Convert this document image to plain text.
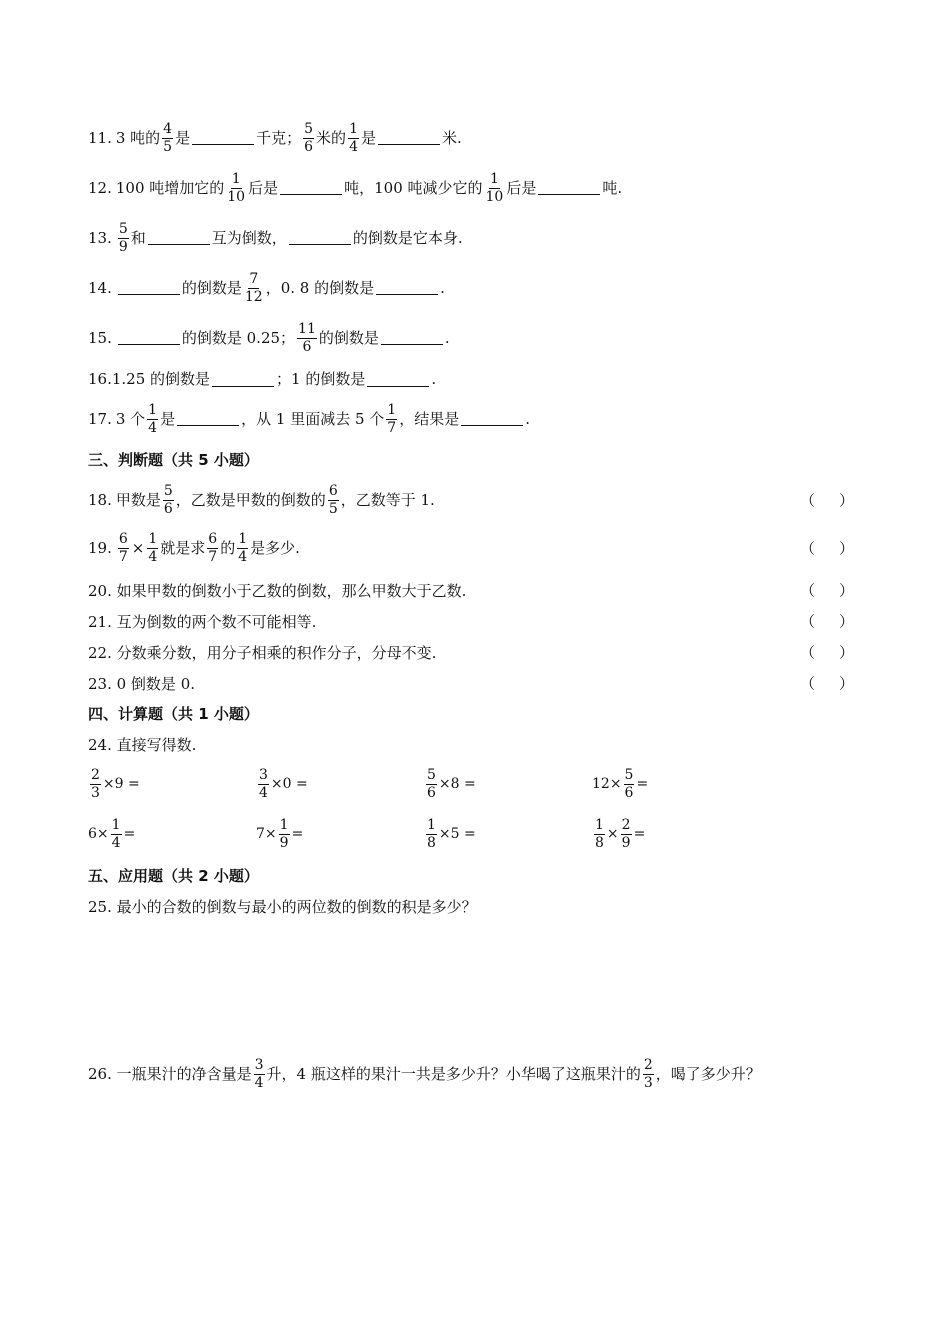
11. 3 吨的 $\frac{4}{5}$ 是	千克； $\frac{5}{6}$ 米的 $\frac{1}{4}$ 是	米.
12. 100 吨增加它的 $\frac{1}{10}$ 后是	吨，100 吨减少它的 $\frac{1}{10}$ 后是	吨.
13. $\frac{5}{9}$ 和	互为倒数，	的倒数是它本身.
14.	的倒数是 $\frac{7}{12}$ ，0. 8 的倒数是	.
15.	的倒数是 0.25； $\frac{11}{6}$ 的倒数是	.
16. 1.25 的倒数是	；1 的倒数是	.
17. 3 个 $\frac{1}{4}$ 是	，从 1 里面减去 5 个 $\frac{1}{7}$ ，结果是	.
三、判断题（共 5 小题）
18. 甲数是 $\frac{5}{6}$ ，乙数是甲数的倒数的 $\frac{6}{5}$ ，乙数等于 1.	（ ）
19. $\frac{6}{7} \times \frac{1}{4}$ 就是求 $\frac{6}{7}$ 的 $\frac{1}{4}$ 是多少.	（ ）
20. 如果甲数的倒数小于乙数的倒数，那么甲数大于乙数.	（ ）
21. 互为倒数的两个数不可能相等.	（ ）
22. 分数乘分数，用分子相乘的积作分子，分母不变.	（ ）
23. 0 倒数是 0.	（ ）
四、计算题（共 1 小题）
24. 直接写得数.
$\frac{2}{3} \times 9$ =	$\frac{3}{4} \times 0$ =	$\frac{5}{6} \times 8$ =	$12\times \frac{5}{6}$ =
$6\times \frac{1}{4}$ =	$7\times \frac{1}{9}$ =	$\frac{1}{8} \times 5$ =	$\frac{1}{8} \times \frac{2}{9}$ =
五、应用题（共 2 小题）
25. 最小的合数的倒数与最小的两位数的倒数的积是多少？
26. 一瓶果汁的净含量是 $\frac{3}{4}$ 升，4 瓶这样的果汁一共是多少升？小华喝了这瓶果汁的 $\frac{2}{3}$ ，喝了多少升？
